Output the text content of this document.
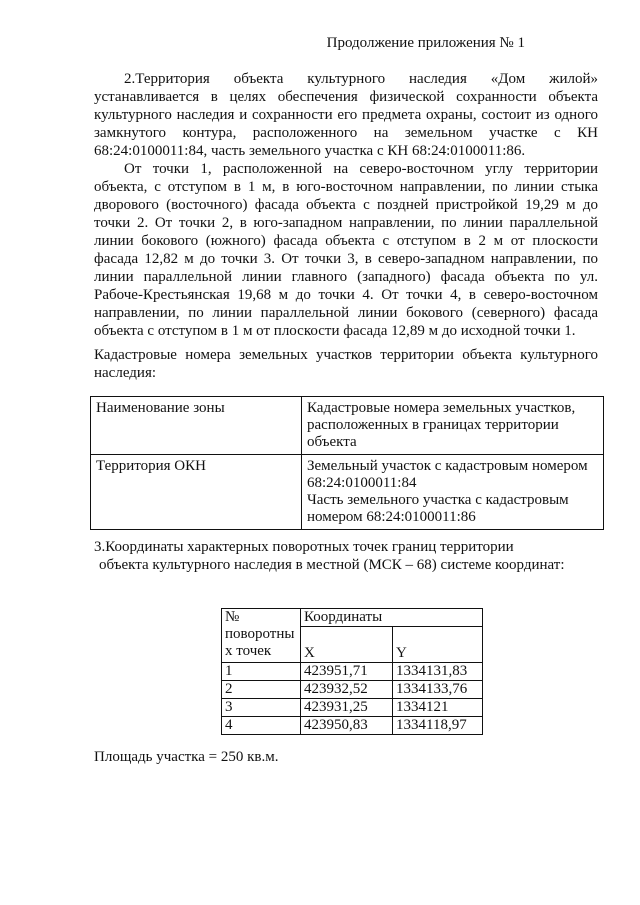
Продолжение приложения № 1

2.Территория объекта культурного наследия «Дом жилой» устанавливается в целях обеспечения физической сохранности объекта культурного наследия и сохранности его предмета охраны, состоит из одного замкнутого контура, расположенного на земельном участке с КН 68:24:0100011:84, часть земельного участка с КН 68:24:0100011:86.

От точки 1, расположенной на северо-восточном углу территории объекта, с отступом в 1 м, в юго-восточном направлении, по линии стыка дворового (восточного) фасада объекта с поздней пристройкой 19,29 м до точки 2. От точки 2, в юго-западном направлении, по линии параллельной линии бокового (южного) фасада объекта с отступом в 2 м от плоскости фасада 12,82 м до точки 3. От точки 3, в северо-западном направлении, по линии параллельной линии главного (западного) фасада объекта по ул. Рабоче-Крестьянская 19,68 м до точки 4. От точки 4, в северо-восточном направлении, по линии параллельной линии бокового (северного) фасада объекта с отступом в 1 м от плоскости фасада 12,89 м до исходной точки 1.

Кадастровые номера земельных участков территории объекта культурного наследия:

Наименование зоны	Кадастровые номера земельных участков, расположенных в границах территории объекта
Территория ОКН	Земельный участок с кадастровым номером 68:24:0100011:84
Часть земельного участка с кадастровым номером 68:24:0100011:86
3.Координаты характерных поворотных точек границ территории
объекта культурного наследия в местной (МСК – 68) системе координат:
№ поворотны х точек	Координаты	
	X	Y
1	423951,71	1334131,83
2	423932,52	1334133,76
3	423931,25	1334121
4	423950,83	1334118,97
Площадь участка = 250 кв.м.
